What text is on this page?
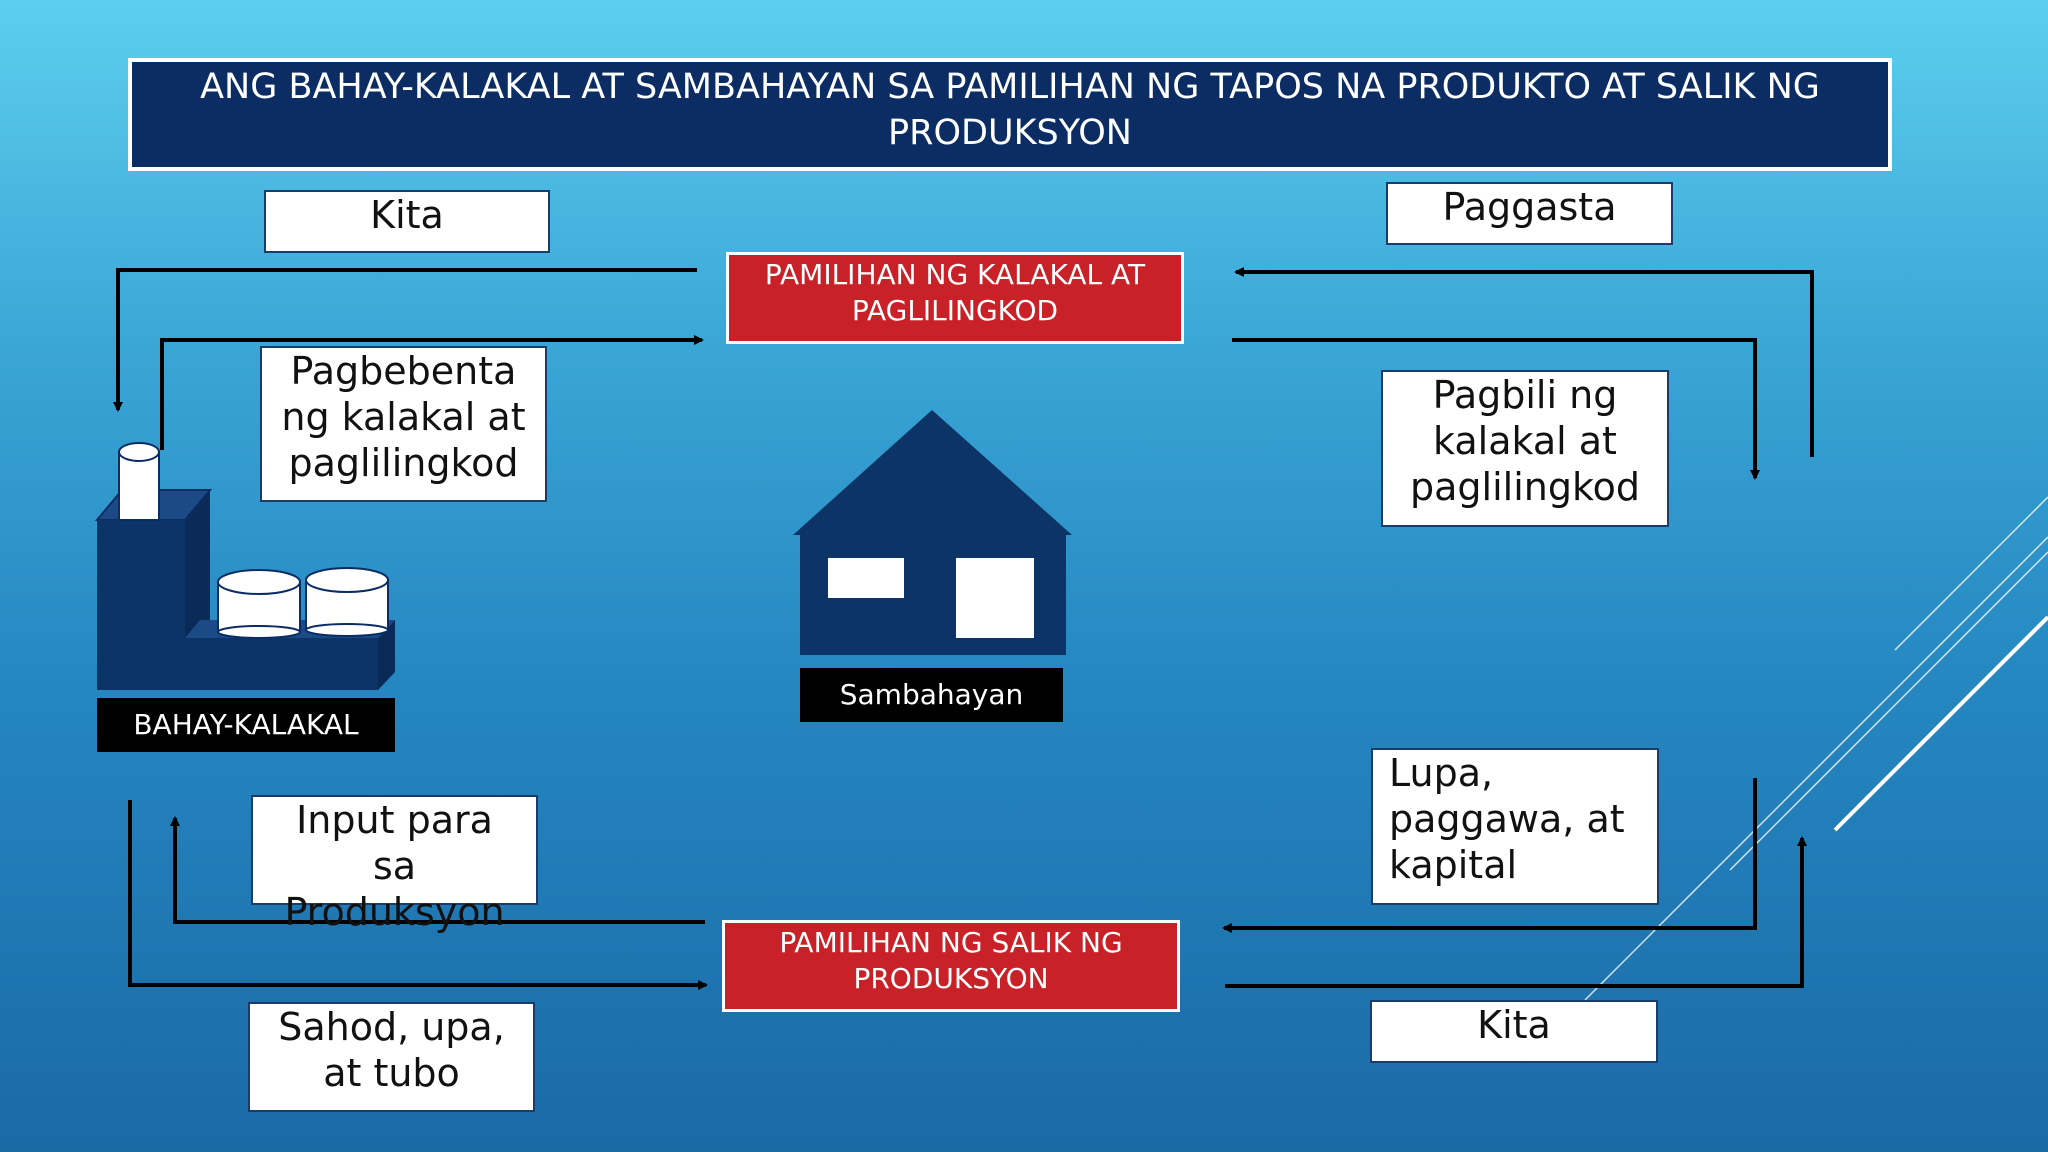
ANG BAHAY-KALAKAL AT SAMBAHAYAN SA PAMILIHAN NG TAPOS NA PRODUKTO AT SALIK NG PRODUKSYON
PAMILIHAN NG KALAKAL AT PAGLILINGKOD
PAMILIHAN NG SALIK NG PRODUKSYON
BAHAY-KALAKAL
Sambahayan
Kita	Paggasta
Pagbebenta ng kalakal at paglilingkod
Pagbili ng kalakal at paglilingkod
Input para sa Produksyon
Sahod, upa, at tubo
Lupa, paggawa, at kapital
Kita
